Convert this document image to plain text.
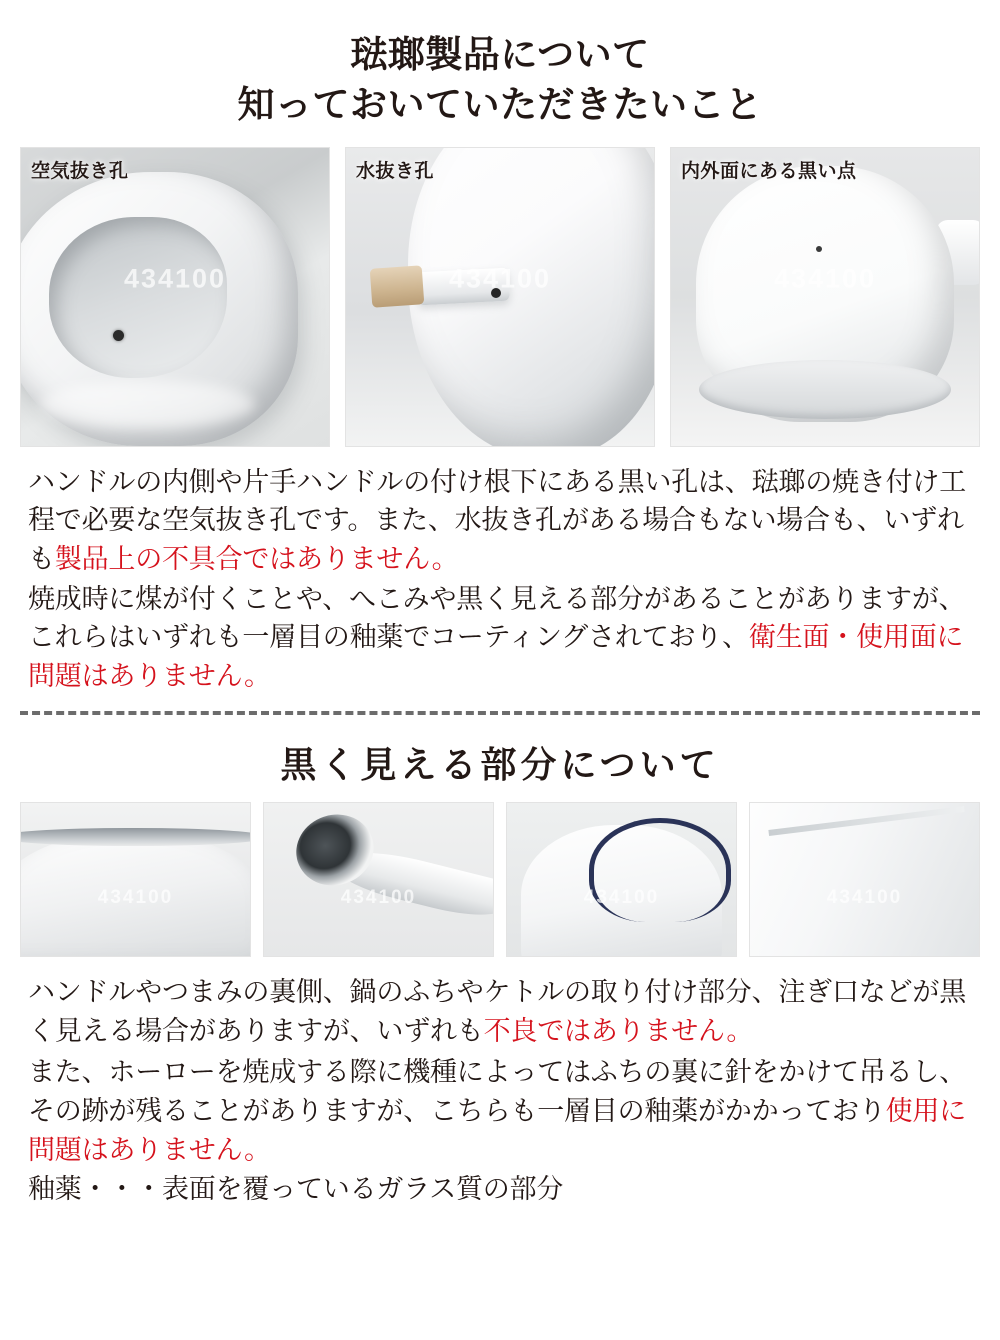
琺瑯製品について
知っておいていただきたいこと
空気抜き孔
434100
水抜き孔
434100
内外面にある黒い点
434100

ハンドルの内側や片手ハンドルの付け根下にある黒い孔は、琺瑯の焼き付け工程で必要な空気抜き孔です。また、水抜き孔がある場合もない場合も、いずれも製品上の不具合ではありません。

焼成時に煤が付くことや、へこみや黒く見える部分があることがありますが、これらはいずれも一層目の釉薬でコーティングされており、衛生面・使用面に問題はありません。

黒く見える部分について
434100	434100	434100	434100

ハンドルやつまみの裏側、鍋のふちやケトルの取り付け部分、注ぎ口などが黒く見える場合がありますが、いずれも不良ではありません。

また、ホーローを焼成する際に機種によってはふちの裏に針をかけて吊るし、その跡が残ることがありますが、こちらも一層目の釉薬がかかっており使用に問題はありません。

釉薬・・・表面を覆っているガラス質の部分
